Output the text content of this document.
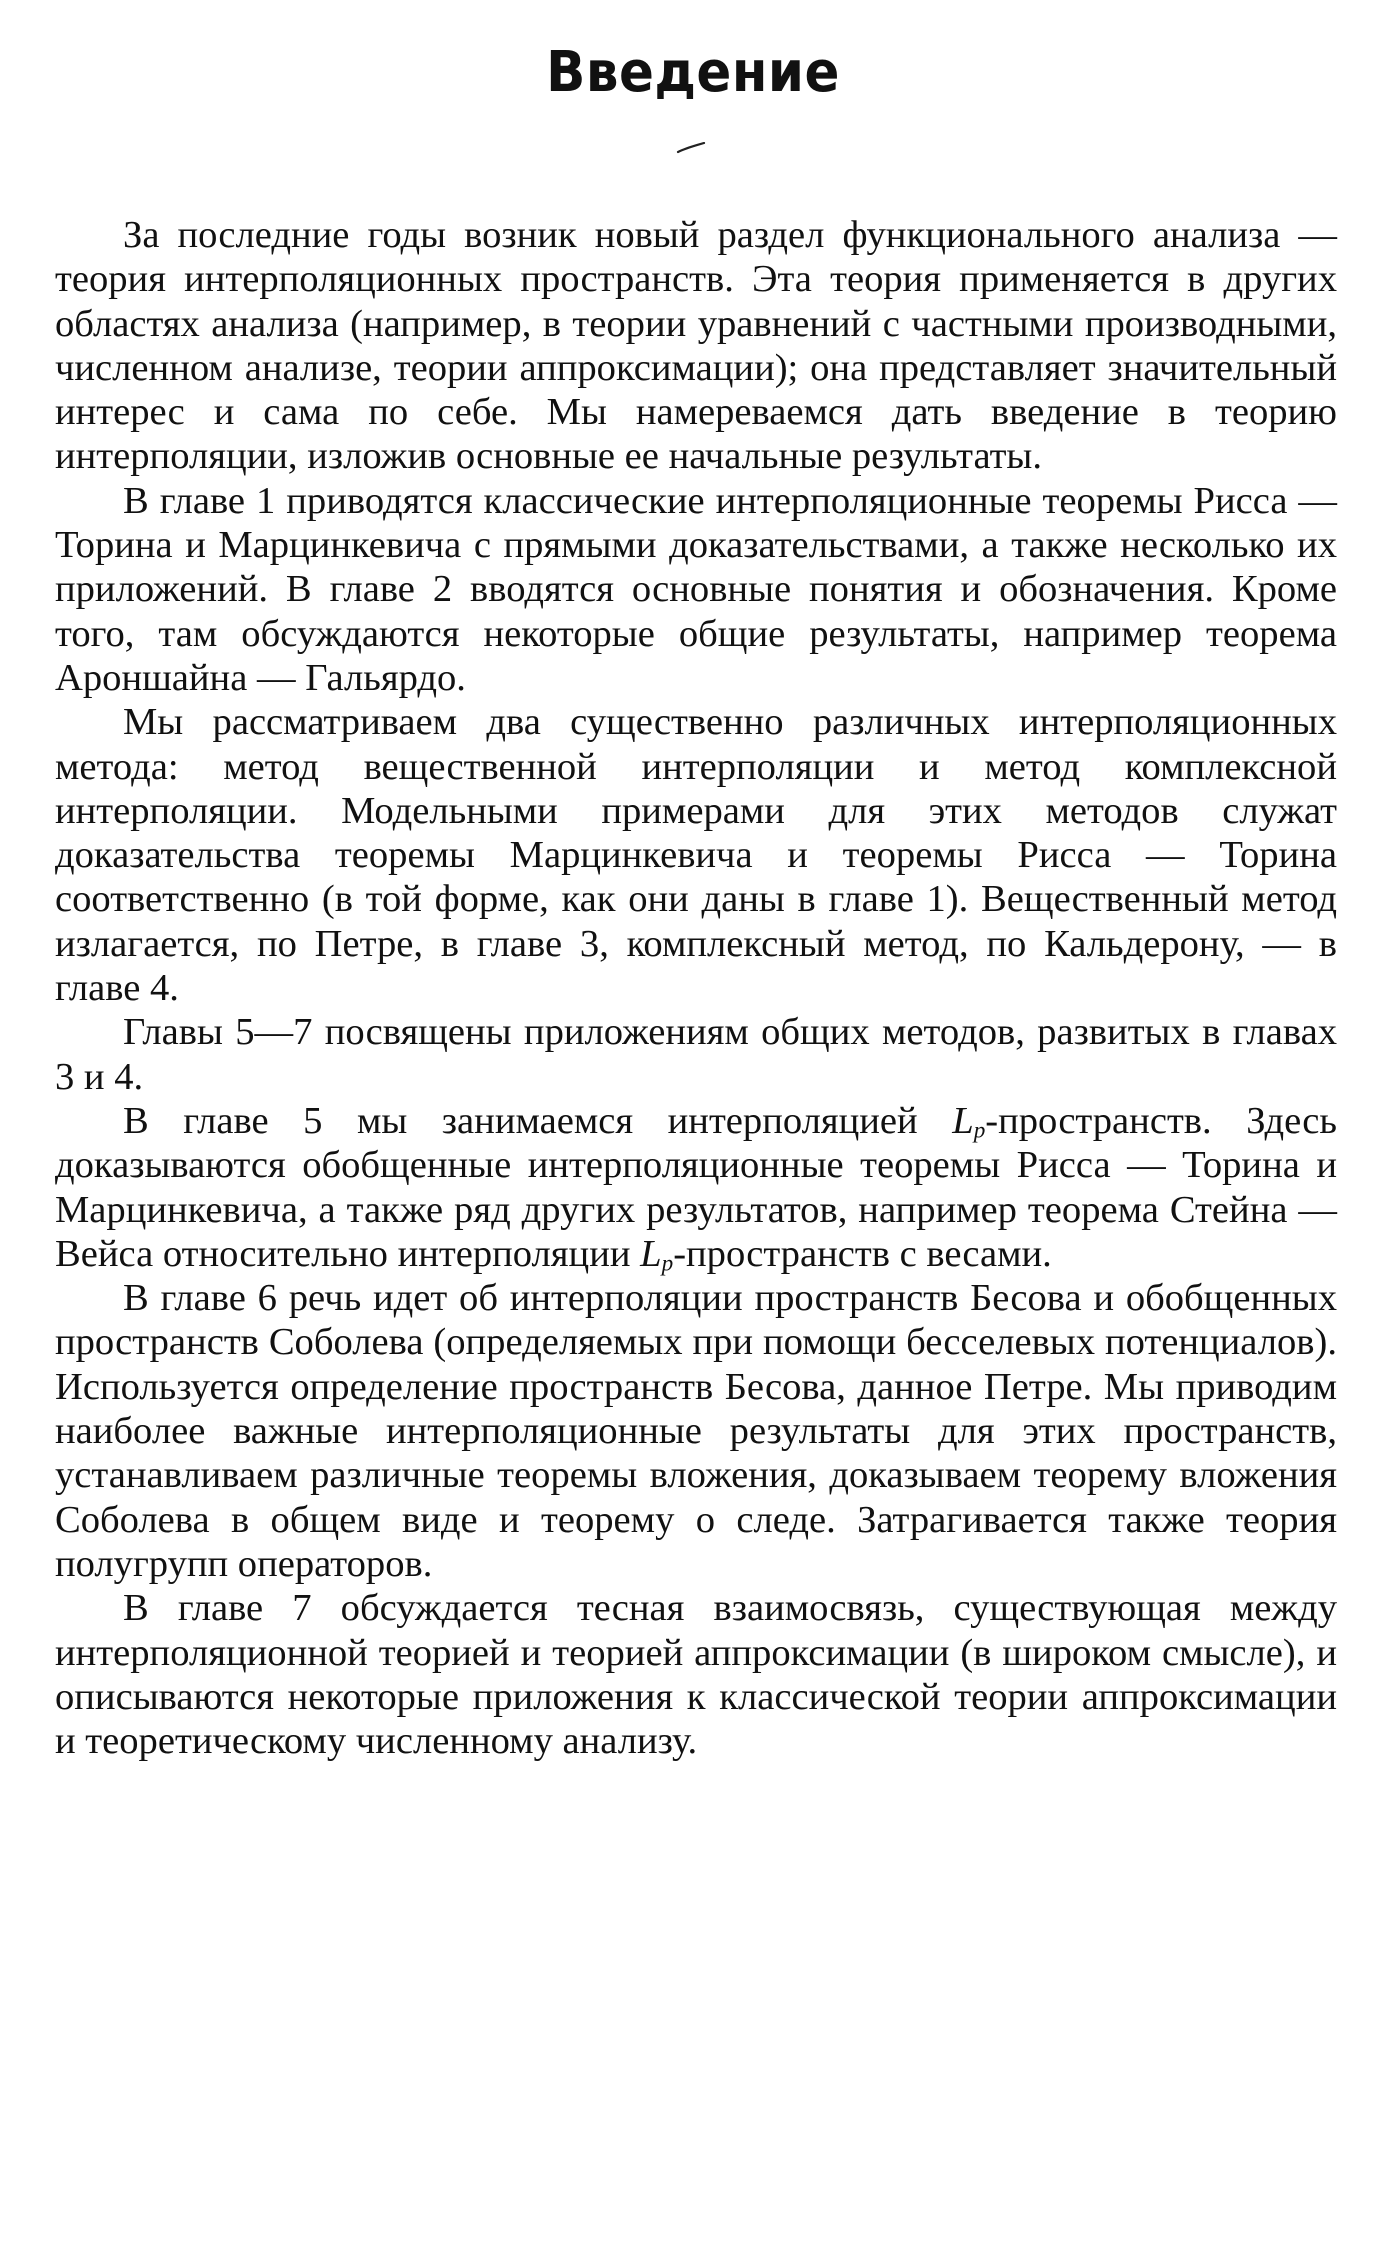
Введение

За последние годы возник новый раздел функционального анализа — теория интерполяционных пространств. Эта теория применяется в других областях анализа (например, в теории уравнений с частными производными, численном анализе, теории аппроксимации); она представляет значительный интерес и сама по себе. Мы намереваемся дать введение в теорию интерполяции, изложив основные ее начальные результаты.

В главе 1 приводятся классические интерполяционные теоремы Рисса — Торина и Марцинкевича с прямыми доказательствами, а также несколько их приложений. В главе 2 вводятся основные понятия и обозначения. Кроме того, там обсуждаются некоторые общие результаты, например теорема Ароншайна — Гальярдо.

Мы рассматриваем два существенно различных интерполяционных метода: метод вещественной интерполяции и метод комплексной интерполяции. Модельными примерами для этих методов служат доказательства теоремы Марцинкевича и теоремы Рисса — Торина соответственно (в той форме, как они даны в главе 1). Вещественный метод излагается, по Петре, в главе 3, комплексный метод, по Кальдерону, — в главе 4.

Главы 5—7 посвящены приложениям общих методов, развитых в главах 3 и 4.

В главе 5 мы занимаемся интерполяцией $L_p$-пространств. Здесь доказываются обобщенные интерполяционные теоремы Рисса — Торина и Марцинкевича, а также ряд других результатов, например теорема Стейна — Вейса относительно интерполяции $L_p$-пространств с весами.

В главе 6 речь идет об интерполяции пространств Бесова и обобщенных пространств Соболева (определяемых при помощи бесселевых потенциалов). Используется определение пространств Бесова, данное Петре. Мы приводим наиболее важные интерполяционные результаты для этих пространств, устанавливаем различные теоремы вложения, доказываем теорему вложения Соболева в общем виде и теорему о следе. Затрагивается также теория полугрупп операторов.

В главе 7 обсуждается тесная взаимосвязь, существующая между интерполяционной теорией и теорией аппроксимации (в широком смысле), и описываются некоторые приложения к классической теории аппроксимации и теоретическому численному анализу.
